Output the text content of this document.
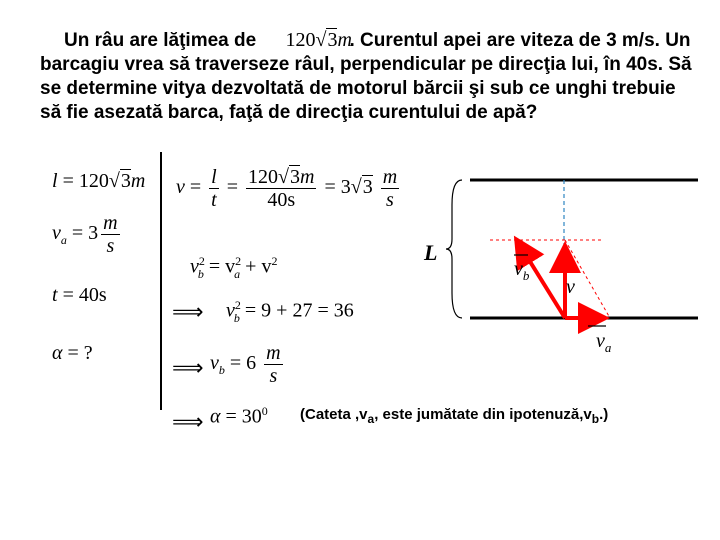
Un râu are lăţimea de 120√3m. Curentul apei are viteza de 3 m/s. Un barcagiu vrea să traverseze râul, perpendicular pe direcţia lui, în 40s. Să se determine vitya dezvoltată de motorul bărcii şi sub ce unghi trebuie să fie asezată barca, faţă de direcţia curentului de apă?
l = 120√3m
$v_a = 3 \frac{m}{s}$
t = 40s
α = ?
$v = \frac{l}{t} = \frac{120√3m}{40s} = 3√3 \frac{m}{s}$
$v^2_b = v^2_a + v^2$
⟹ $v^2_b = 9 + 27 = 36$
⟹ $v_b = 6 \frac{m}{s}$
⟹ $\alpha = 30^0$ (Cateta $,v_a$, este jumătate din $ipotenuză,v_b$.)
L
$v_b$
v
$v_a$
